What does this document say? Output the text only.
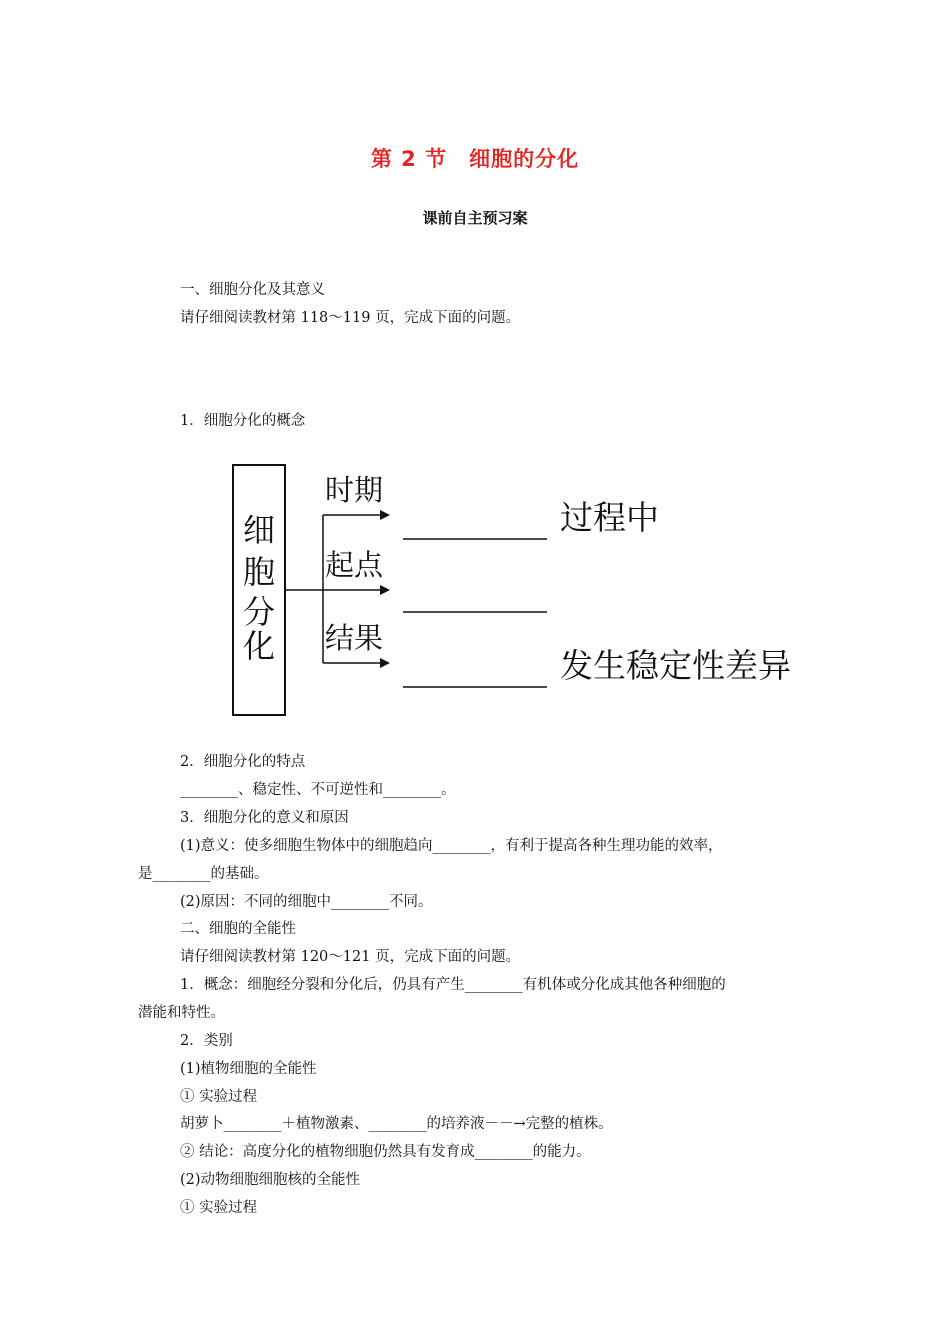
第 2 节　细胞的分化
课前自主预习案
一、细胞分化及其意义
请仔细阅读教材第 118～119 页，完成下面的问题。
1．细胞分化的概念
细
胞
分
化
时期
起点
结果
过程中
发生稳定性差异
2．细胞分化的特点
________、稳定性、不可逆性和________。
3．细胞分化的意义和原因
(1)意义：使多细胞生物体中的细胞趋向________，有利于提高各种生理功能的效率，
是________的基础。
(2)原因：不同的细胞中________不同。
二、细胞的全能性
请仔细阅读教材第 120～121 页，完成下面的问题。
1．概念：细胞经分裂和分化后，仍具有产生________有机体或分化成其他各种细胞的
潜能和特性。
2．类别
(1)植物细胞的全能性
① 实验过程
胡萝卜________＋植物激素、________的培养液－－→完整的植株。
② 结论：高度分化的植物细胞仍然具有发育成________的能力。
(2)动物细胞细胞核的全能性
① 实验过程
